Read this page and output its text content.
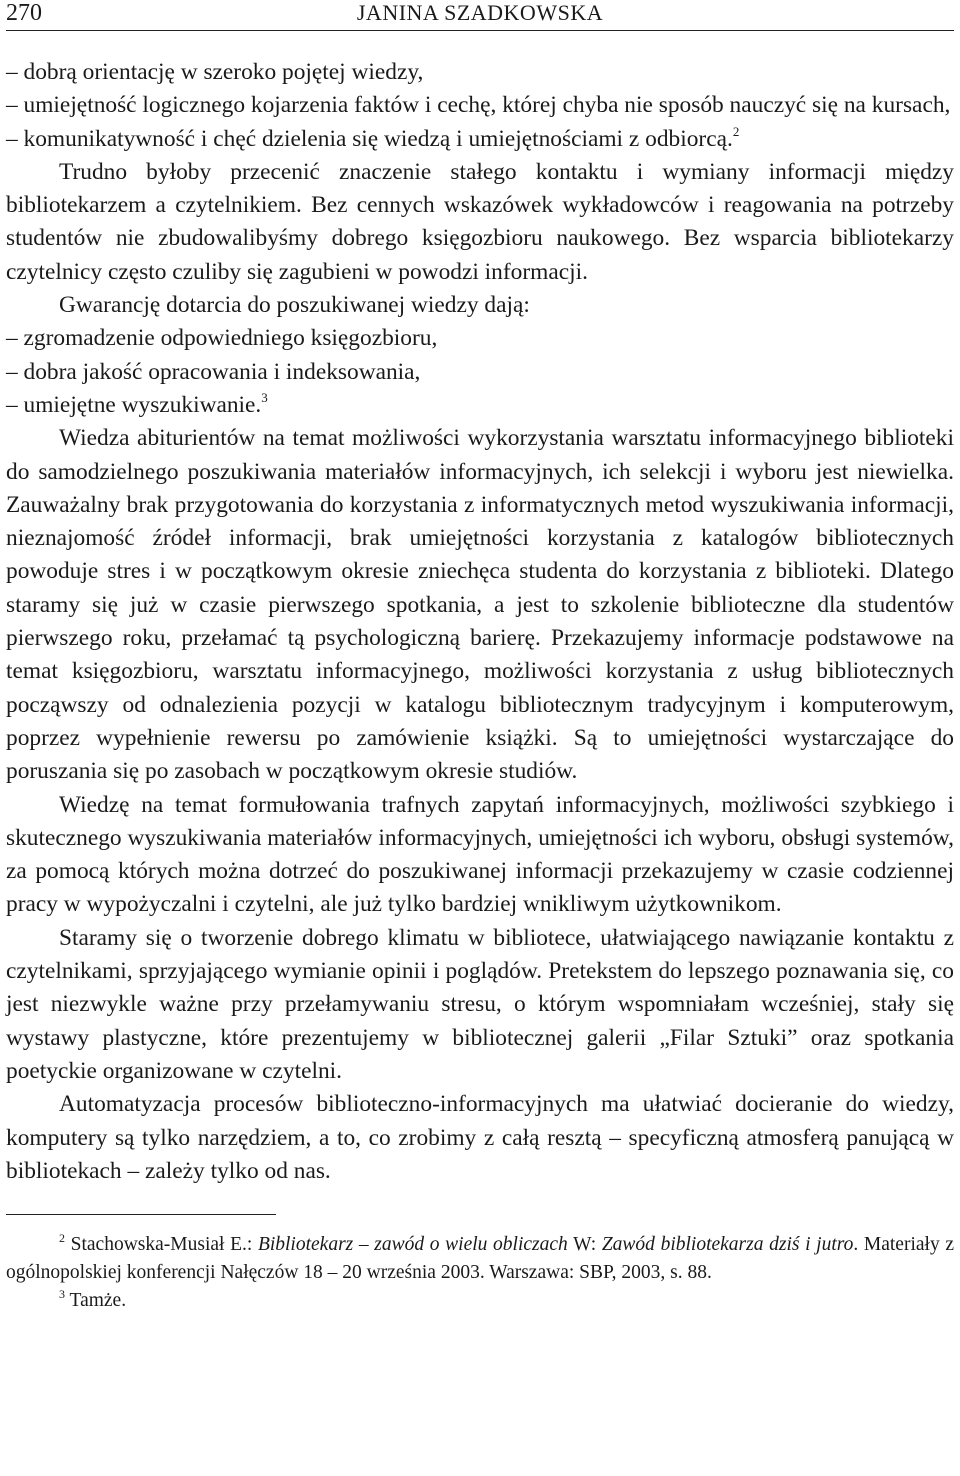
270	JANINA SZADKOWSKA

– dobrą orientację w szeroko pojętej wiedzy,

– umiejętność logicznego kojarzenia faktów i cechę, której chyba nie sposób nauczyć się na kursach,

– komunikatywność i chęć dzielenia się wiedzą i umiejętnościami z odbiorcą.$^2$

Trudno byłoby przecenić znaczenie stałego kontaktu i wymiany informacji między bibliotekarzem a czytelnikiem. Bez cennych wskazówek wykładowców i reagowania na potrzeby studentów nie zbudowalibyśmy dobrego księgozbioru naukowego. Bez wsparcia bibliotekarzy czytelnicy często czuliby się zagubieni w powodzi informacji.

Gwarancję dotarcia do poszukiwanej wiedzy dają:

– zgromadzenie odpowiedniego księgozbioru,

– dobra jakość opracowania i indeksowania,

– umiejętne wyszukiwanie.$^3$

Wiedza abiturientów na temat możliwości wykorzystania warsztatu informacyjnego biblioteki do samodzielnego poszukiwania materiałów informacyjnych, ich selekcji i wyboru jest niewielka. Zauważalny brak przygotowania do korzystania z informatycznych metod wyszukiwania informacji, nieznajomość źródeł informacji, brak umiejętności korzystania z katalogów bibliotecznych powoduje stres i w początkowym okresie zniechęca studenta do korzystania z biblioteki. Dlatego staramy się już w czasie pierwszego spotkania, a jest to szkolenie biblioteczne dla studentów pierwszego roku, przełamać tą psychologiczną barierę. Przekazujemy informacje podstawowe na temat księgozbioru, warsztatu informacyjnego, możliwości korzystania z usług bibliotecznych począwszy od odnalezienia pozycji w katalogu bibliotecznym tradycyjnym i komputerowym, poprzez wypełnienie rewersu po zamówienie książki. Są to umiejętności wystarczające do poruszania się po zasobach w początkowym okresie studiów.

Wiedzę na temat formułowania trafnych zapytań informacyjnych, możliwości szybkiego i skutecznego wyszukiwania materiałów informacyjnych, umiejętności ich wyboru, obsługi systemów, za pomocą których można dotrzeć do poszukiwanej informacji przekazujemy w czasie codziennej pracy w wypożyczalni i czytelni, ale już tylko bardziej wnikliwym użytkownikom.

Staramy się o tworzenie dobrego klimatu w bibliotece, ułatwiającego nawiązanie kontaktu z czytelnikami, sprzyjającego wymianie opinii i poglądów. Pretekstem do lepszego poznawania się, co jest niezwykle ważne przy przełamywaniu stresu, o którym wspomniałam wcześniej, stały się wystawy plastyczne, które prezentujemy w bibliotecznej galerii „Filar Sztuki” oraz spotkania poetyckie organizowane w czytelni.

Automatyzacja procesów biblioteczno-informacyjnych ma ułatwiać docieranie do wiedzy, komputery są tylko narzędziem, a to, co zrobimy z całą resztą – specyficzną atmosferą panującą w bibliotekach – zależy tylko od nas.

$^2$ Stachowska-Musiał E.: Bibliotekarz – zawód o wielu obliczach W: Zawód bibliotekarza dziś i jutro. Materiały z ogólnopolskiej konferencji Nałęczów 18 – 20 września 2003. Warszawa: SBP, 2003, s. 88.

$^3$ Tamże.
